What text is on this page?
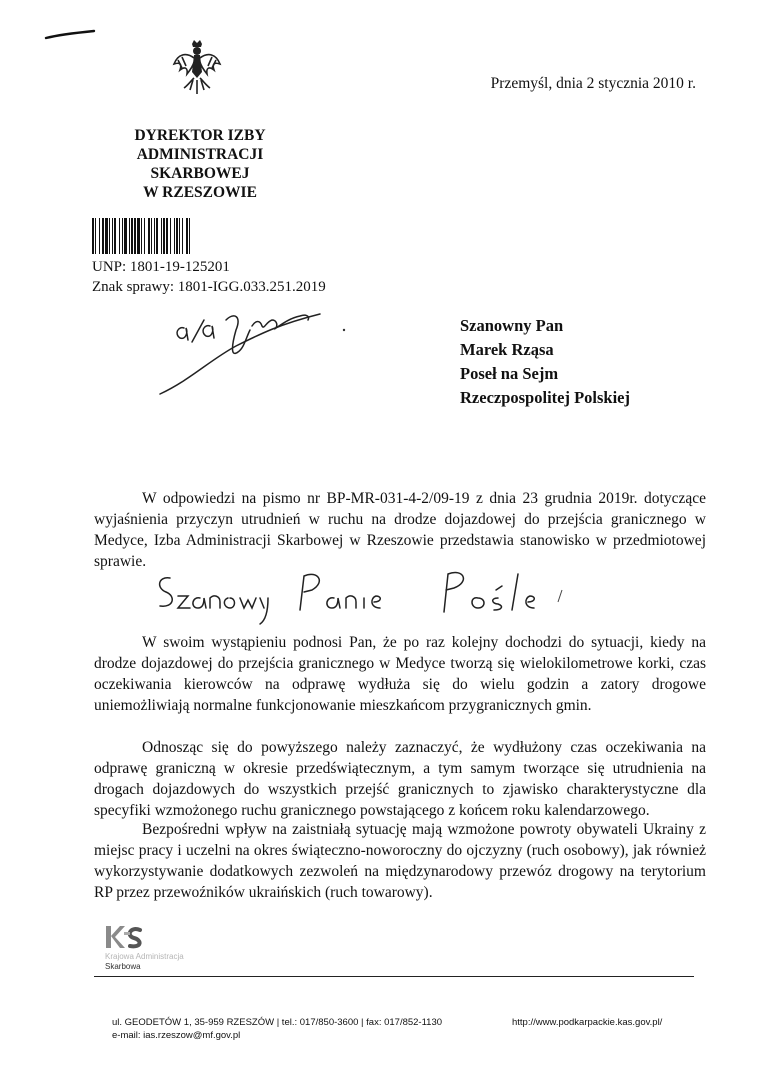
Przemyśl, dnia 2 stycznia 2010 r.
DYREKTOR IZBY
ADMINISTRACJI
SKARBOWEJ
W RZESZOWIE
UNP: 1801-19-125201
Znak sprawy: 1801-IGG.033.251.2019
Szanowny Pan
Marek Rząsa
Poseł na Sejm
Rzeczpospolitej Polskiej
W odpowiedzi na pismo nr BP-MR-031-4-2/09-19 z dnia 23 grudnia 2019r. dotyczące wyjaśnienia przyczyn utrudnień w ruchu na drodze dojazdowej do przejścia granicznego w Medyce, Izba Administracji Skarbowej w Rzeszowie przedstawia stanowisko w przedmiotowej sprawie.
W swoim wystąpieniu podnosi Pan, że po raz kolejny dochodzi do sytuacji, kiedy na drodze dojazdowej do przejścia granicznego w Medyce tworzą się wielokilometrowe korki, czas oczekiwania kierowców na odprawę wydłuża się do wielu godzin a zatory drogowe uniemożliwiają normalne funkcjonowanie mieszkańcom przygranicznych gmin.
Odnosząc się do powyższego należy zaznaczyć, że wydłużony czas oczekiwania na odprawę graniczną w okresie przedświątecznym, a tym samym tworzące się utrudnienia na drogach dojazdowych do wszystkich przejść granicznych to zjawisko charakterystyczne dla specyfiki wzmożonego ruchu granicznego powstającego z końcem roku kalendarzowego.
Bezpośredni wpływ na zaistniałą sytuację mają wzmożone powroty obywateli Ukrainy z miejsc pracy i uczelni na okres świąteczno-noworoczny do ojczyzny (ruch osobowy), jak również wykorzystywanie dodatkowych zezwoleń na międzynarodowy przewóz drogowy na terytorium RP przez przewoźników ukraińskich (ruch towarowy).
Krajowa Administracja
Skarbowa
ul. GEODETÓW 1, 35-959 RZESZÓW | tel.: 017/850-3600 | fax: 017/852-1130
e-mail: ias.rzeszow@mf.gov.pl
http://www.podkarpackie.kas.gov.pl/
